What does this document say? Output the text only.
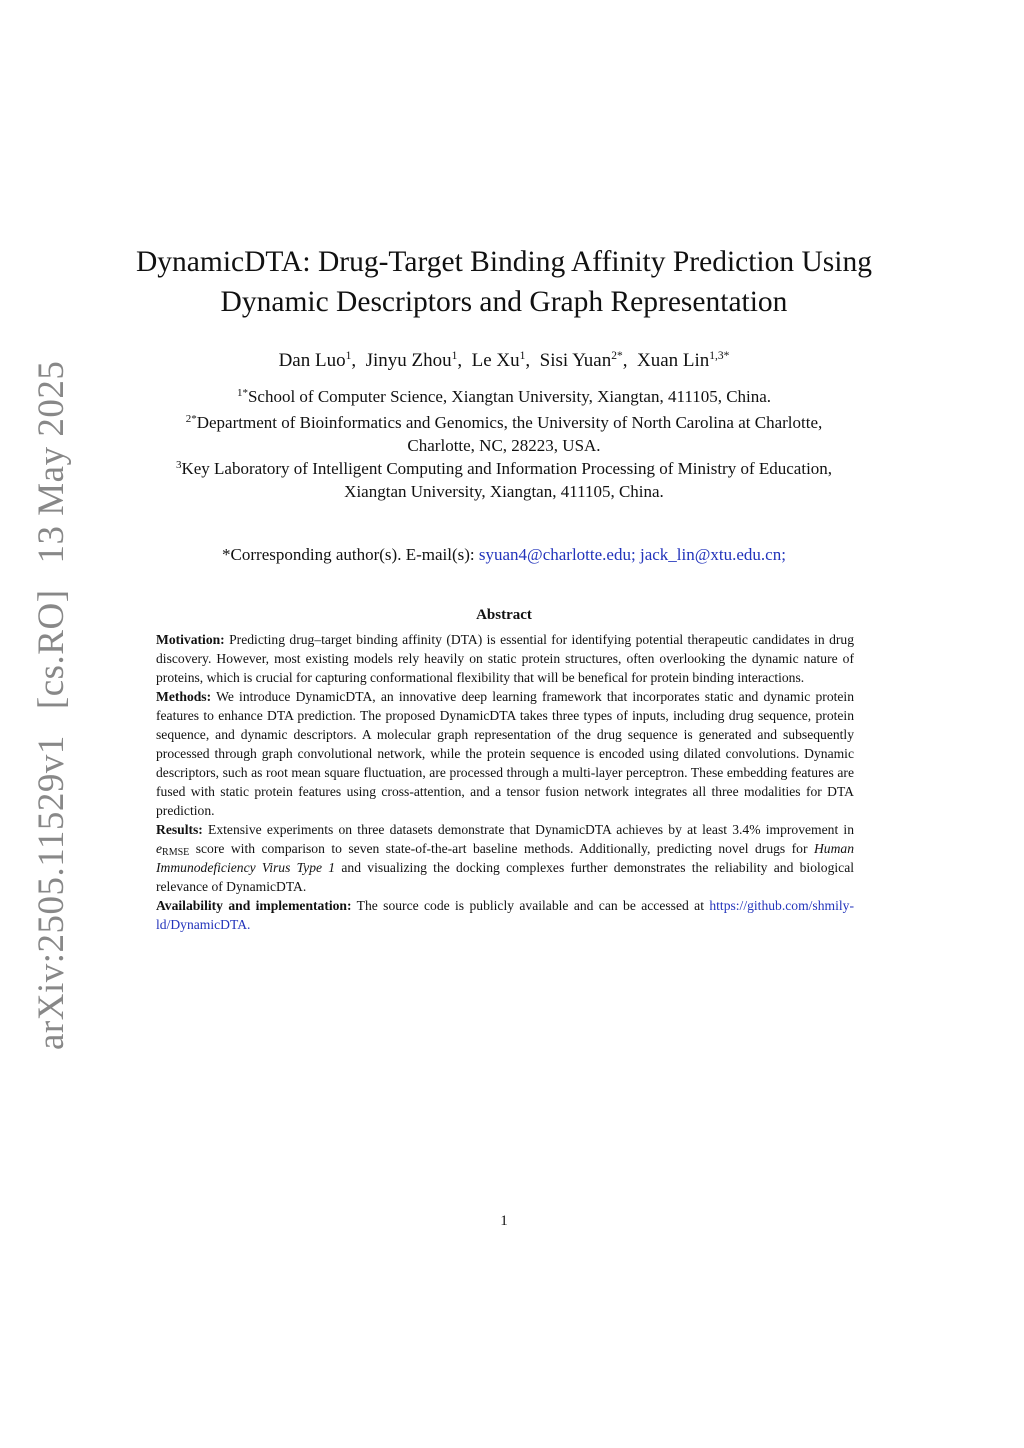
arXiv:2505.11529v1[cs.RO]13 May 2025
DynamicDTA: Drug-Target Binding Affinity Prediction Using
Dynamic Descriptors and Graph Representation
Dan Luo$^1$,  Jinyu Zhou$^1$,  Le Xu$^1$,  Sisi Yuan$^{2*}$,  Xuan Lin$^{1,3*}$
$^{1*}$School of Computer Science, Xiangtan University, Xiangtan, 411105, China.
$^{2*}$Department of Bioinformatics and Genomics, the University of North Carolina at Charlotte,
Charlotte, NC, 28223, USA.
$^3$Key Laboratory of Intelligent Computing and Information Processing of Ministry of Education,
Xiangtan University, Xiangtan, 411105, China.
*Corresponding author(s). E-mail(s): syuan4@charlotte.edu; jack_lin@xtu.edu.cn;
Abstract

Motivation: Predicting drug–target binding affinity (DTA) is essential for identifying potential therapeutic candidates in drug discovery. However, most existing models rely heavily on static protein structures, often overlooking the dynamic nature of proteins, which is crucial for capturing conformational flexibility that will be benefical for protein binding interactions.

Methods: We introduce DynamicDTA, an innovative deep learning framework that incorporates static and dynamic protein features to enhance DTA prediction. The proposed DynamicDTA takes three types of inputs, including drug sequence, protein sequence, and dynamic descriptors. A molecular graph representation of the drug sequence is generated and subsequently processed through graph convolutional network, while the protein sequence is encoded using dilated convolutions. Dynamic descriptors, such as root mean square fluctuation, are processed through a multi-layer perceptron. These embedding features are fused with static protein features using cross-attention, and a tensor fusion network integrates all three modalities for DTA prediction.

Results: Extensive experiments on three datasets demonstrate that DynamicDTA achieves by at least 3.4% improvement in $e_{RMSE}$ score with comparison to seven state-of-the-art baseline methods. Additionally, predicting novel drugs for Human Immunodeficiency Virus Type 1 and visualizing the docking complexes further demonstrates the reliability and biological relevance of DynamicDTA.

Availability and implementation: The source code is publicly available and can be accessed at https://github.com/shmily-ld/DynamicDTA.

1
